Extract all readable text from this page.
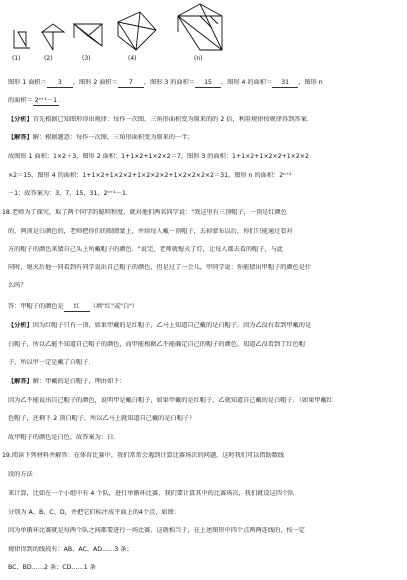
(1)	(2)	(3)	(4)	(n)
图形 1 面积＝ 3 ，图形 2 面积＝ 7 ，图形 3 的面积＝ 15 ，图形 4 的面积＝ 31 ，图形 n
的面积＝ 2ⁿ⁺¹－1 ．
【分析】首先根据已知图形得出规律：每作一次图，三角形面积变为原来的的 2 倍，利用规律按规律得到答案．
【解答】解：根据题意：每作一次图，三角形面积变为原来的一半；
故图形 1 面积：1×2＋3，图形 2 面积：1+1×2+1×2×2＝7，图形 3 的面积：1+1×2+1×2×2+1×2×2
×2＝15，图形 4 的面积：1+1×2+1×2×2+1×2×2×2+1×2×2×2×2＝31，图形 n 的面积：2ⁿ⁺¹
－1；故答案为：3，7，15，31，2ⁿ⁺¹－1．
18.老师为了探究，取了两个同学的聪明程度，就对他们两名同学说："我这里有三顶帽子，一顶是红颜色
的，两顶是白颜色的，老师把你们的眼睛蒙上，并给每人戴一顶帽子，去掉蒙布以后，你们只能通过看对
方的帽子的颜色来猜自己头上所戴帽子的颜色．"说完，老师就熄灭了灯，让每人都去看的帽子，与此
同时，熄灭后他一同看到有同学说出自己帽子的颜色，但是过了一会儿，甲同学说：你能猜出甲帽子的颜色是什
么吗？
答：甲帽子的颜色是 红 （填"红"或"白"）
【分析】因为红帽子只有一顶，如果甲戴的是红帽子，乙马上知道自己戴的是白帽子，因为乙没有看到甲戴的是
白帽子，所以乙能不知道自己帽子的颜色，而甲能根据乙不能确定自己的帽子的颜色，知道乙没看到了红色帽
子，所以甲一定是戴了白帽子．
【解答】解：甲戴的是白帽子，理由如下：
因为乙不能说出自己帽子的颜色，说明甲是戴白帽子，如果甲戴的是红帽子，乙就知道自己戴的是白帽子．（如果甲戴红
色帽子，还剩下 2 顶白帽子，所以乙马上就知道自己戴的是白帽子）
故甲帽子的颜色是白色，故答案为：白．
19.阅读下列材料并解答：在体育比赛中，我们常常会遇到计算比赛场次的问题，这时我们可以借助数线
段的方法
来计算，比如在一个小组中有 4 个队，进行单循环比赛，我们要计算其中的比赛场次，我们就设这四个队
分别为 A、B、C、D，并把它们标注成平面上的4个点，如图：
因为单循环比赛就是每两个队之间都要进行一场比赛，这就相当于，在上述图形中四个点两两连线的，按一定
规律得到的线段有：AB、AC、AD……3 条；
BC、BD……2 条；CD……1 条
